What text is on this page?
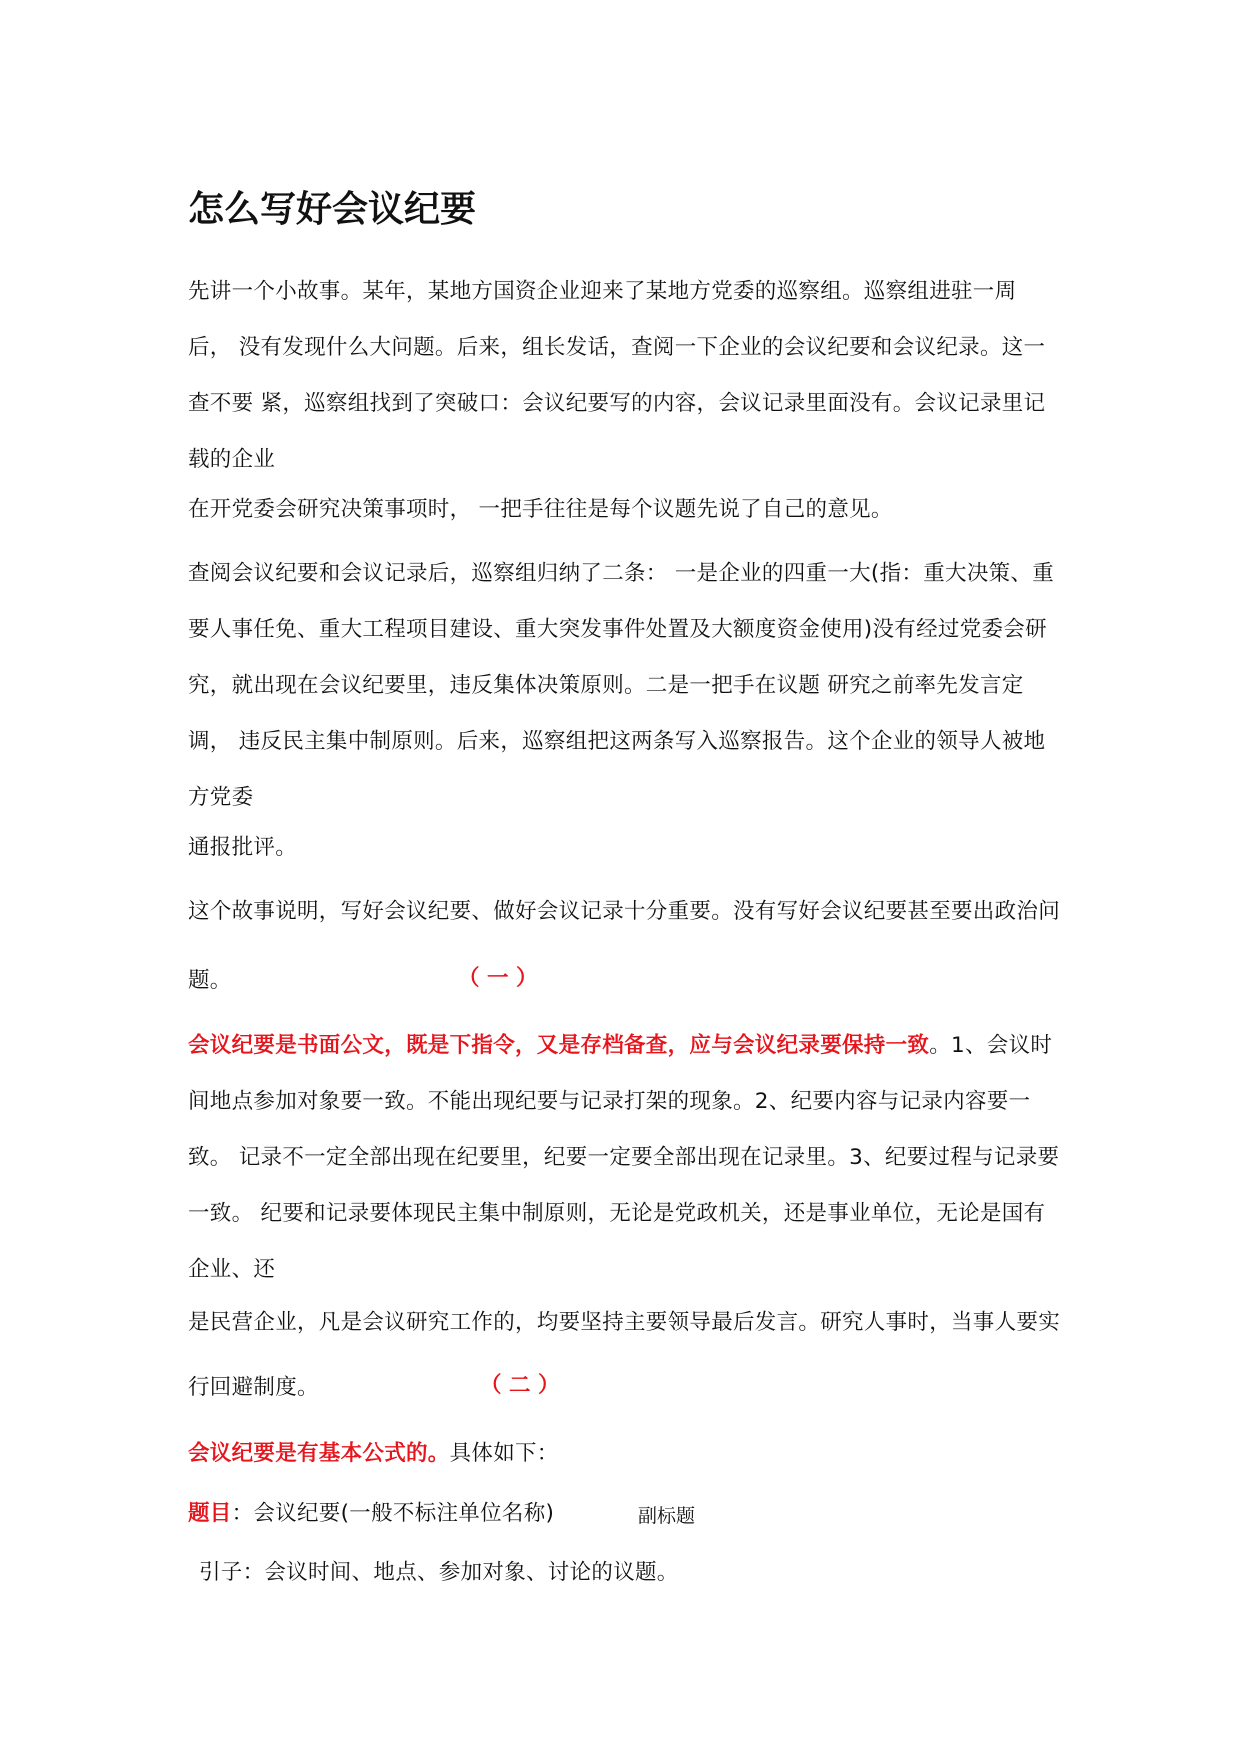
怎么写好会议纪要
先讲一个小故事。某年，某地方国资企业迎来了某地方党委的巡察组。巡察组进驻一周
后， 没有发现什么大问题。后来，组长发话，查阅一下企业的会议纪要和会议纪录。这一
查不要 紧，巡察组找到了突破口：会议纪要写的内容，会议记录里面没有。会议记录里记
载的企业
在开党委会研究决策事项时， 一把手往往是每个议题先说了自己的意见。
查阅会议纪要和会议记录后，巡察组归纳了二条： 一是企业的四重一大(指：重大决策、重
要人事任免、重大工程项目建设、重大突发事件处置及大额度资金使用)没有经过党委会研
究，就出现在会议纪要里，违反集体决策原则。二是一把手在议题 研究之前率先发言定
调， 违反民主集中制原则。后来，巡察组把这两条写入巡察报告。这个企业的领导人被地
方党委
通报批评。
这个故事说明，写好会议纪要、做好会议记录十分重要。没有写好会议纪要甚至要出政治问
题。	（ 一 ）
会议纪要是书面公文，既是下指令，又是存档备查，应与会议纪录要保持一致。1、会议时
间地点参加对象要一致。不能出现纪要与记录打架的现象。2、纪要内容与记录内容要一
致。 记录不一定全部出现在纪要里，纪要一定要全部出现在记录里。3、纪要过程与记录要
一致。 纪要和记录要体现民主集中制原则，无论是党政机关，还是事业单位，无论是国有
企业、还
是民营企业，凡是会议研究工作的，均要坚持主要领导最后发言。研究人事时，当事人要实
行回避制度。	（ 二 ）
会议纪要是有基本公式的。具体如下：
题目：会议纪要(一般不标注单位名称)	副标题
引子：会议时间、地点、参加对象、讨论的议题。
